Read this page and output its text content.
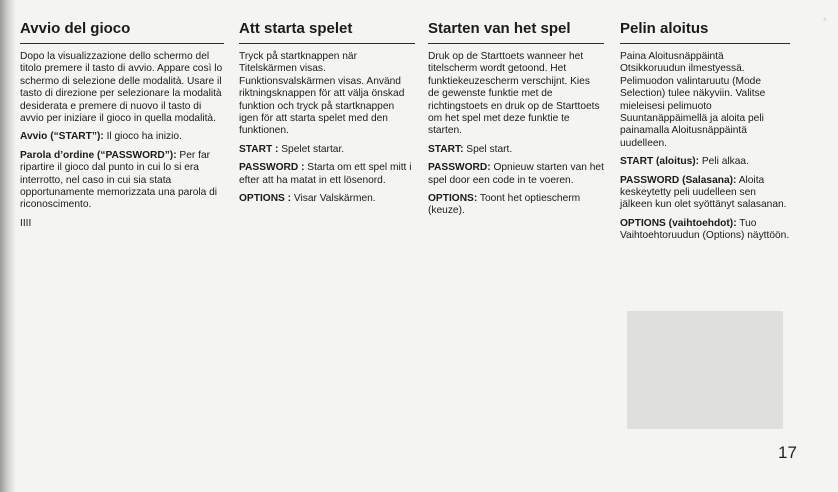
*
Avvio del gioco

Dopo la visualizzazione dello schermo del titolo premere il tasto di avvio. Appare così lo schermo di selezione delle modalità. Usare il tasto di direzione per selezionare la modalità desiderata e premere di nuovo il tasto di avvio per iniziare il gioco in quella modalità.

Avvio (“START”): Il gioco ha inizio.

Parola d’ordine (“PASSWORD”): Per far ripartire il gioco dal punto in cui lo si era interrotto, nel caso in cui sia stata opportunamente memorizzata una parola di riconoscimento.

IIII

Att starta spelet

Tryck på startknappen när Titelskärmen visas. Funktionsvalskärmen visas. Använd riktningsknappen för att välja önskad funktion och tryck på startknappen igen för att starta spelet med den funktionen.

START : Spelet startar.

PASSWORD : Starta om ett spel mitt i efter att ha matat in ett lösenord.

OPTIONS : Visar Valskärmen.

Starten van het spel

Druk op de Starttoets wanneer het titelscherm wordt getoond. Het funktiekeuzescherm verschijnt. Kies de gewenste funktie met de richtingstoets en druk op de Starttoets om het spel met deze funktie te starten.

START: Spel start.

PASSWORD: Opnieuw starten van het spel door een code in te voeren.

OPTIONS: Toont het optiescherm (keuze).

Pelin aloitus

Paina Aloitusnäppäintä Otsikkoruudun ilmestyessä. Pelimuodon valintaruutu (Mode Selection) tulee näkyviin. Valitse mieleisesi pelimuoto Suuntanäppäimellä ja aloita peli painamalla Aloitusnäppäintä uudelleen.

START (aloitus): Peli alkaa.

PASSWORD (Salasana): Aloita keskeytetty peli uudelleen sen jälkeen kun olet syöttänyt salasanan.

OPTIONS (vaihtoehdot): Tuo Vaihtoehtoruudun (Options) näyttöön.

17
